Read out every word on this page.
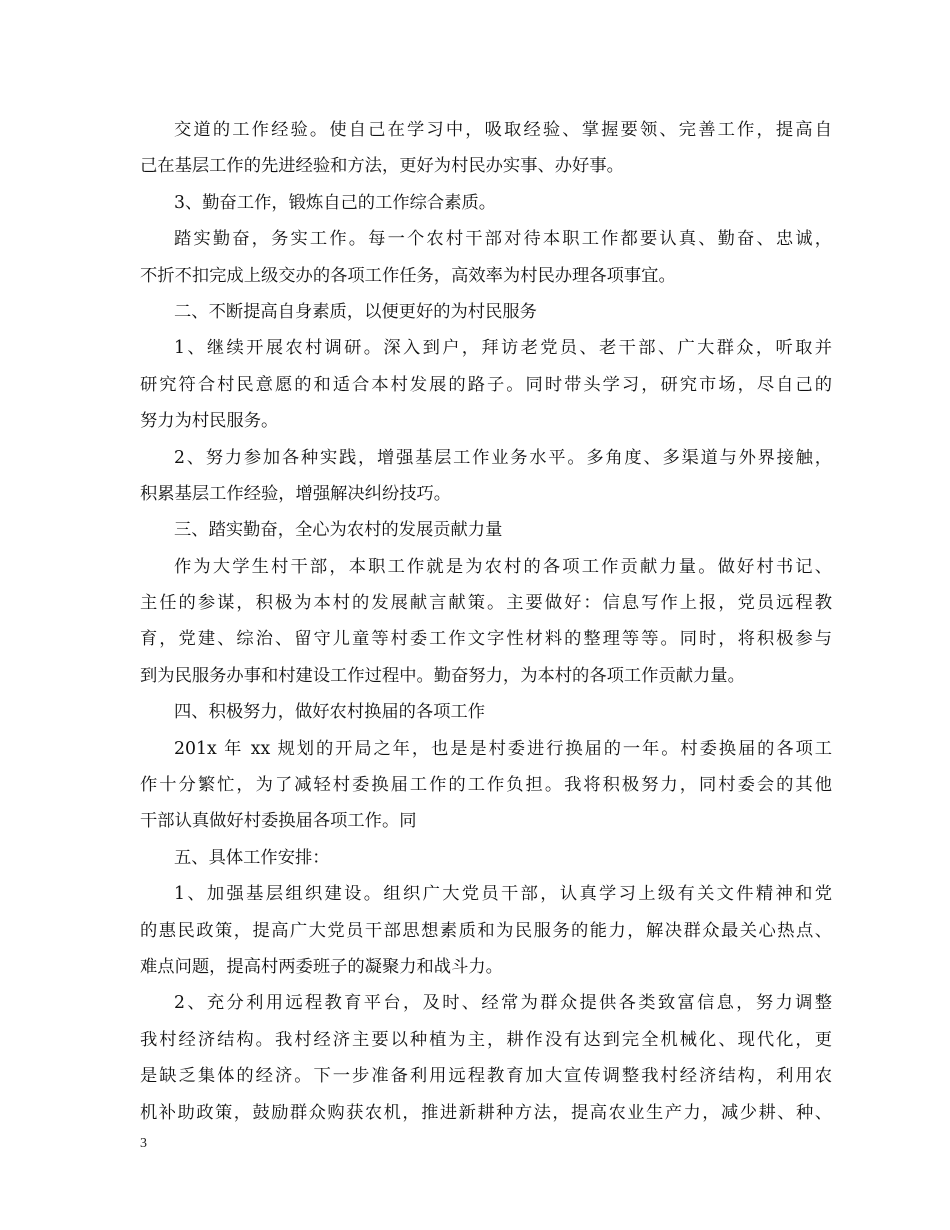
交道的工作经验。使自己在学习中，吸取经验、掌握要领、完善工作，提高自
己在基层工作的先进经验和方法，更好为村民办实事、办好事。
3、勤奋工作，锻炼自己的工作综合素质。
踏实勤奋，务实工作。每一个农村干部对待本职工作都要认真、勤奋、忠诚，
不折不扣完成上级交办的各项工作任务，高效率为村民办理各项事宜。
二、不断提高自身素质，以便更好的为村民服务
1、继续开展农村调研。深入到户，拜访老党员、老干部、广大群众，听取并
研究符合村民意愿的和适合本村发展的路子。同时带头学习，研究市场，尽自己的
努力为村民服务。
2、努力参加各种实践，增强基层工作业务水平。多角度、多渠道与外界接触，
积累基层工作经验，增强解决纠纷技巧。
三、踏实勤奋，全心为农村的发展贡献力量
作为大学生村干部，本职工作就是为农村的各项工作贡献力量。做好村书记、
主任的参谋，积极为本村的发展献言献策。主要做好：信息写作上报，党员远程教
育，党建、综治、留守儿童等村委工作文字性材料的整理等等。同时，将积极参与
到为民服务办事和村建设工作过程中。勤奋努力，为本村的各项工作贡献力量。
四、积极努力，做好农村换届的各项工作
201x 年 xx 规划的开局之年，也是是村委进行换届的一年。村委换届的各项工
作十分繁忙，为了减轻村委换届工作的工作负担。我将积极努力，同村委会的其他
干部认真做好村委换届各项工作。同
五、具体工作安排：
1、加强基层组织建设。组织广大党员干部，认真学习上级有关文件精神和党
的惠民政策，提高广大党员干部思想素质和为民服务的能力，解决群众最关心热点、
难点问题，提高村两委班子的凝聚力和战斗力。
2、充分利用远程教育平台，及时、经常为群众提供各类致富信息，努力调整
我村经济结构。我村经济主要以种植为主，耕作没有达到完全机械化、现代化，更
是缺乏集体的经济。下一步准备利用远程教育加大宣传调整我村经济结构，利用农
机补助政策，鼓励群众购获农机，推进新耕种方法，提高农业生产力，减少耕、种、
3
